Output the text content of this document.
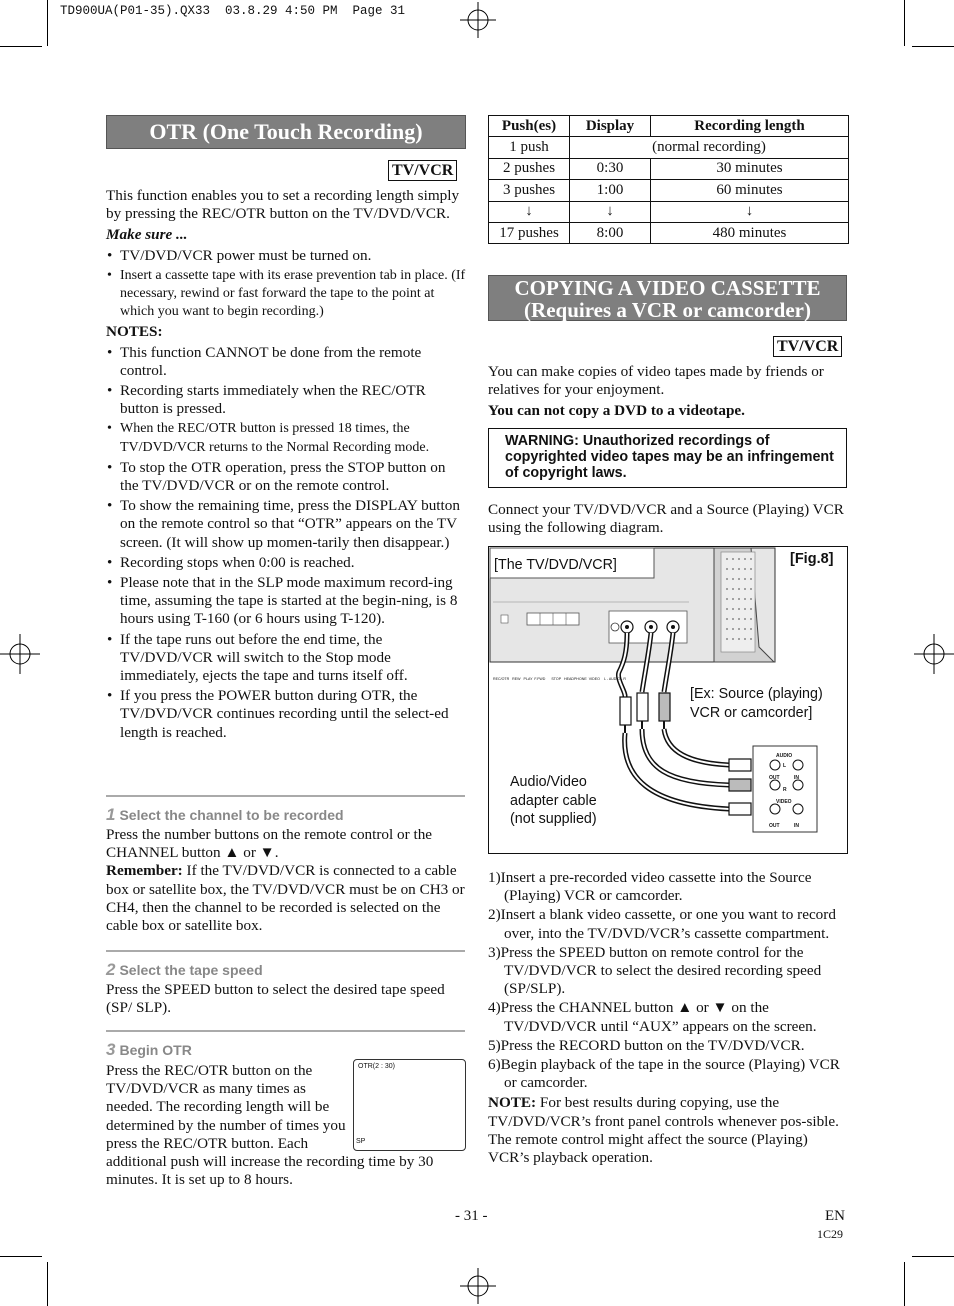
TD900UA(P01-35).QX33  03.8.29 4:50 PM  Page 31
OTR (One Touch Recording)
TV/VCR

This function enables you to set a recording length simply by pressing the REC/OTR button on the TV/DVD/VCR.

Make sure ...

• TV/DVD/VCR power must be turned on.
• Insert a cassette tape with its erase prevention tab in place. (If necessary, rewind or fast forward the tape to the point at which you want to begin recording.)

NOTES:

• This function CANNOT be done from the remote control.
• Recording starts immediately when the REC/OTR button is pressed.
• When the REC/OTR button is pressed 18 times, the TV/DVD/VCR returns to the Normal Recording mode.
• To stop the OTR operation, press the STOP button on the TV/DVD/VCR or on the remote control.
• To show the remaining time, press the DISPLAY button on the remote control so that “OTR” appears on the TV screen. (It will show up momen-tarily then disappear.)
• Recording stops when 0:00 is reached.
• Please note that in the SLP mode maximum record-ing time, assuming the tape is started at the begin-ning, is 8 hours using T-160 (or 6 hours using T-120).
• If the tape runs out before the end time, the TV/DVD/VCR will switch to the Stop mode immediately, ejects the tape and turns itself off.
• If you press the POWER button during OTR, the TV/DVD/VCR continues recording until the select-ed length is reached.
1 Select the channel to be recorded

Press the number buttons on the remote control or the CHANNEL button ▲ or ▼.

Remember: If the TV/DVD/VCR is connected to a cable box or satellite box, the TV/DVD/VCR must be on CH3 or CH4, then the channel to be recorded is selected on the cable box or satellite box.

2 Select the tape speed

Press the SPEED button to select the desired tape speed (SP/ SLP).

3 Begin OTR
Press the REC/OTR button on the TV/DVD/VCR as many times as needed. The recording length will be determined by the number of times you press the REC/OTR button. Each
additional push will increase the recording time by 30 minutes. It is set up to 8 hours.
OTR(2 : 30)
SP
Push(es)	Display	Recording length
1 push	(normal recording)	
2 pushes	0:30	30 minutes
3 pushes	1:00	60 minutes
↓	↓	↓
17 pushes	8:00	480 minutes
COPYING A VIDEO CASSETTE
(Requires a VCR or camcorder)
TV/VCR

You can make copies of video tapes made by friends or relatives for your enjoyment.

You can not copy a DVD to a videotape.

WARNING: Unauthorized recordings of copyrighted video tapes may be an infringement of copyright laws.
Connect your TV/DVD/VCR and a Source (Playing) VCR using the following diagram.
REC/OTR   REW   PLAY  F.FWD      STOP   HEADPHONE  VIDEO    L - AUDIO - R
[The TV/DVD/VCR]	[Fig.8]
[Ex: Source (playing)
VCR or camcorder]
Audio/Video
adapter cable
(not supplied)
AUDIO
L
R
VIDEO
OUT	IN
OUT	IN
1)Insert a pre-recorded video cassette into the Source (Playing) VCR or camcorder.
2)Insert a blank video cassette, or one you want to record over, into the TV/DVD/VCR’s cassette compartment.
3)Press the SPEED button on remote control for the TV/DVD/VCR to select the desired recording speed (SP/SLP).
4)Press the CHANNEL button ▲ or ▼ on the TV/DVD/VCR until “AUX” appears on the screen.
5)Press the RECORD button on the TV/DVD/VCR.
6)Begin playback of the tape in the source (Playing) VCR or camcorder.

NOTE: For best results during copying, use the TV/DVD/VCR’s front panel controls whenever pos-sible. The remote control might affect the source (Playing) VCR’s playback operation.

- 31 -	EN
1C29
